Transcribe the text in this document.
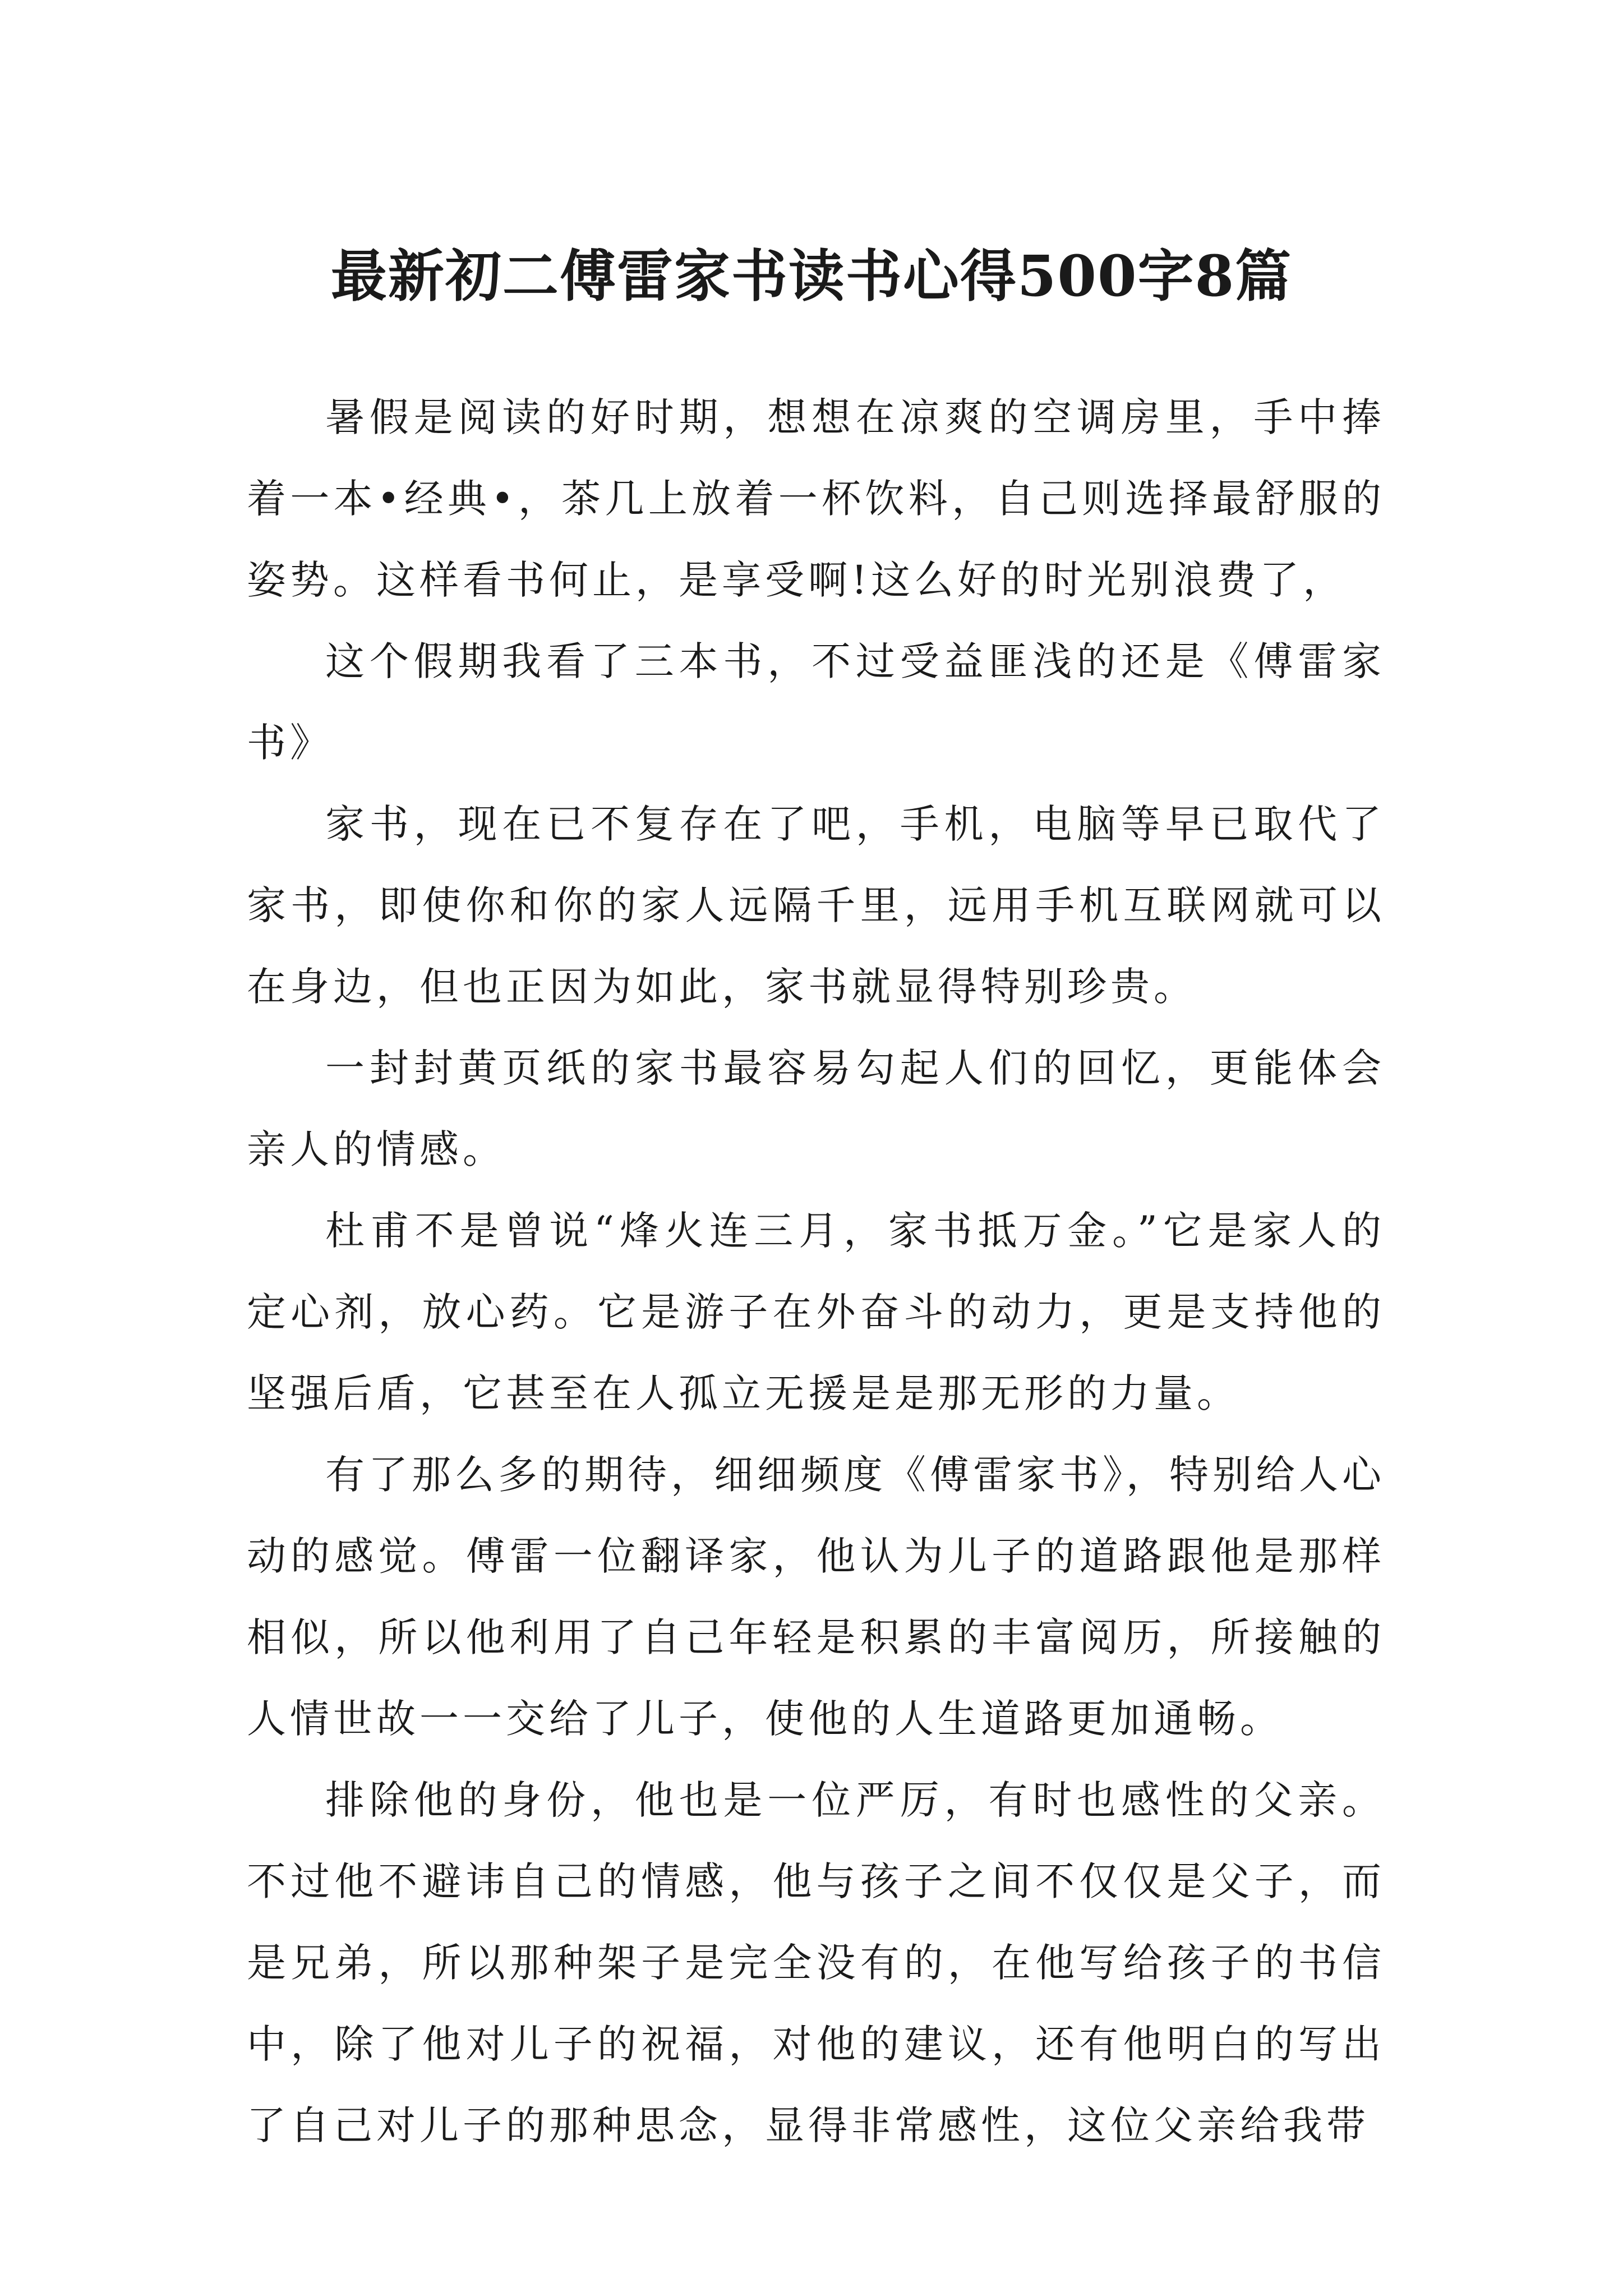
最新初二傅雷家书读书心得500字8篇

暑假是阅读的好时期，想想在凉爽的空调房里，手中捧着一本•经典•，茶几上放着一杯饮料，自己则选择最舒服的姿势。这样看书何止，是享受啊!这么好的时光别浪费了，

这个假期我看了三本书，不过受益匪浅的还是《傅雷家书》

家书，现在已不复存在了吧，手机，电脑等早已取代了家书，即使你和你的家人远隔千里，远用手机互联网就可以在身边，但也正因为如此，家书就显得特别珍贵。

一封封黄页纸的家书最容易勾起人们的回忆，更能体会亲人的情感。

杜甫不是曾说“烽火连三月，家书抵万金。”它是家人的定心剂，放心药。它是游子在外奋斗的动力，更是支持他的坚强后盾，它甚至在人孤立无援是是那无形的力量。

有了那么多的期待，细细频度《傅雷家书》，特别给人心动的感觉。傅雷一位翻译家，他认为儿子的道路跟他是那样相似，所以他利用了自己年轻是积累的丰富阅历，所接触的人情世故一一交给了儿子，使他的人生道路更加通畅。

排除他的身份，他也是一位严厉，有时也感性的父亲。不过他不避讳自己的情感，他与孩子之间不仅仅是父子，而是兄弟，所以那种架子是完全没有的，在他写给孩子的书信中，除了他对儿子的祝福，对他的建议，还有他明白的写出了自己对儿子的那种思念，显得非常感性，这位父亲给我带
